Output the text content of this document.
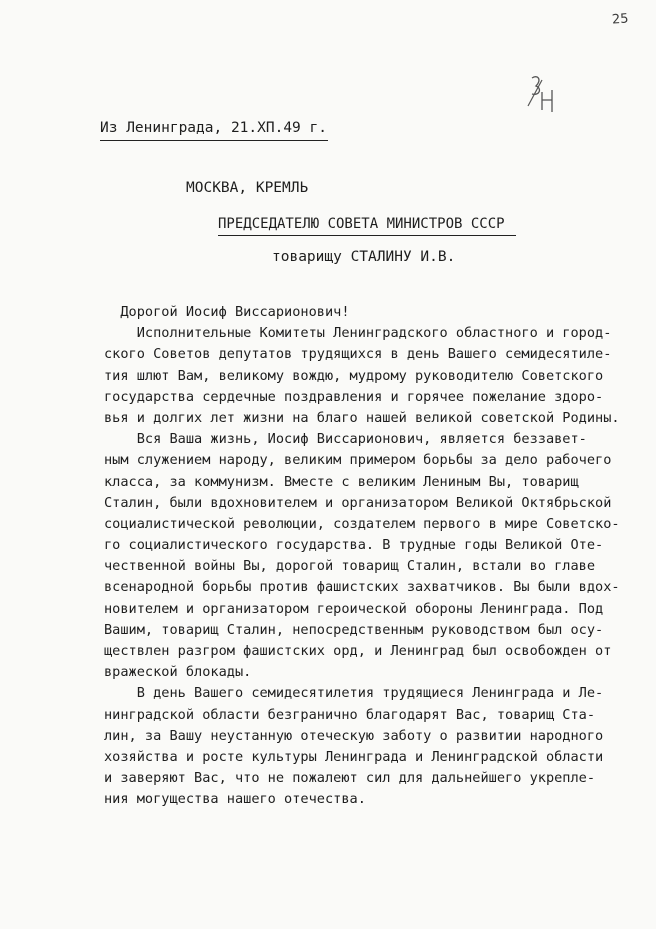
25
Из Ленинграда, 21.XП.49 г.
МОСКВА, КРЕМЛЬ
ПРЕДСЕДАТЕЛЮ СОВЕТА МИНИСТРОВ СССР
товарищу СТАЛИНУ И.В.
Дорогой Иосиф Виссарионович!
Исполнительные Комитеты Ленинградского областного и город-
ского Советов депутатов трудящихся в день Вашего семидесятиле-
тия шлют Вам, великому вождю, мудрому руководителю Советского
государства сердечные поздравления и горячее пожелание здоро-
вья и долгих лет жизни на благо нашей великой советской Родины.
Вся Ваша жизнь, Иосиф Виссарионович, является беззавет-
ным служением народу, великим примером борьбы за дело рабочего
класса, за коммунизм. Вместе с великим Лениным Вы, товарищ
Сталин, были вдохновителем и организатором Великой Октябрьской
социалистической революции, создателем первого в мире Советско-
го социалистического государства. В трудные годы Великой Оте-
чественной войны Вы, дорогой товарищ Сталин, встали во главе
всенародной борьбы против фашистских захватчиков. Вы были вдох-
новителем и организатором героической обороны Ленинграда. Под
Вашим, товарищ Сталин, непосредственным руководством был осу-
ществлен разгром фашистских орд, и Ленинград был освобожден от
вражеской блокады.
В день Вашего семидесятилетия трудящиеся Ленинграда и Ле-
нинградской области безгранично благодарят Вас, товарищ Ста-
лин, за Вашу неустанную отеческую заботу о развитии народного
хозяйства и росте культуры Ленинграда и Ленинградской области
и заверяют Вас, что не пожалеют сил для дальнейшего укрепле-
ния могущества нашего отечества.
